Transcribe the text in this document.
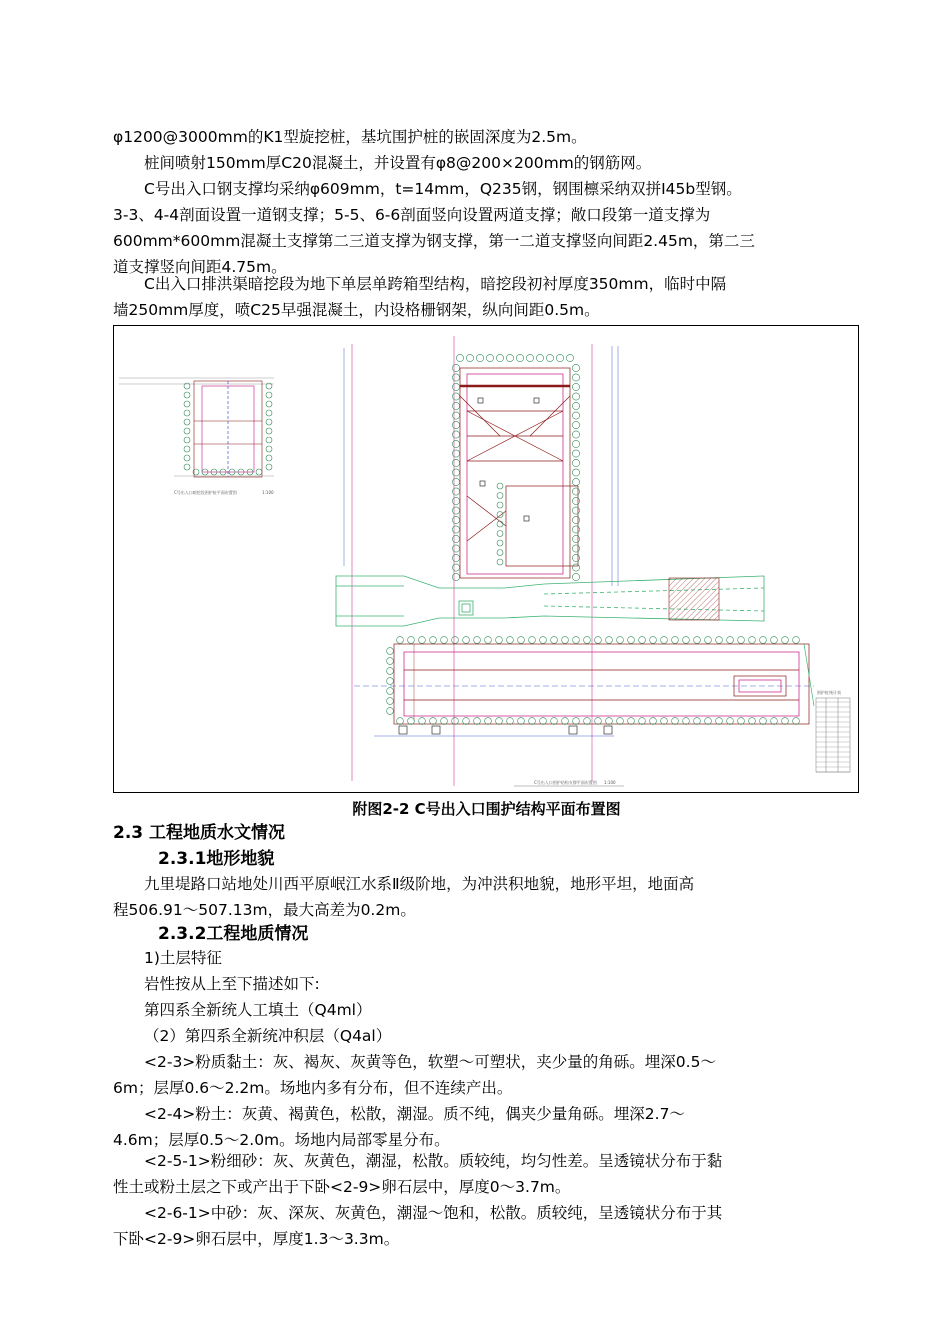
φ1200@3000mm的K1型旋挖桩，基坑围护桩的嵌固深度为2.5m。
桩间喷射150mm厚C20混凝土，并设置有φ8@200×200mm的钢筋网。
C号出入口钢支撑均采纳φ609mm，t=14mm，Q235钢，钢围檩采纳双拼I45b型钢。
3-3、4-4剖面设置一道钢支撑；5-5、6-6剖面竖向设置两道支撑；敞口段第一道支撑为
600mm*600mm混凝土支撑第二三道支撑为钢支撑，第一二道支撑竖向间距2.45m，第二三
道支撑竖向间距4.75m。
C出入口排洪渠暗挖段为地下单层单跨箱型结构，暗挖段初衬厚度350mm，临时中隔
墙250mm厚度，喷C25早强混凝土，内设格栅钢架，纵向间距0.5m。
C号出入口暗挖段围护桩平面布置图	1:100
围护桩统计表
C号出入口围护结构支撑平面布置图 1:100
附图2-2 C号出入口围护结构平面布置图
2.3 工程地质水文情况
2.3.1地形地貌
九里堤路口站地处川西平原岷江水系Ⅱ级阶地，为冲洪积地貌，地形平坦，地面高
程506.91～507.13m，最大高差为0.2m。
2.3.2工程地质情况
1)土层特征
岩性按从上至下描述如下:
第四系全新统人工填土（Q4ml）
（2）第四系全新统冲积层（Q4al）
<2-3>粉质黏土：灰、褐灰、灰黄等色，软塑～可塑状，夹少量的角砾。埋深0.5～
6m；层厚0.6～2.2m。场地内多有分布，但不连续产出。
<2-4>粉土：灰黄、褐黄色，松散，潮湿。质不纯，偶夹少量角砾。埋深2.7～
4.6m；层厚0.5～2.0m。场地内局部零星分布。
<2-5-1>粉细砂：灰、灰黄色，潮湿，松散。质较纯，均匀性差。呈透镜状分布于黏
性土或粉土层之下或产出于下卧<2-9>卵石层中，厚度0～3.7m。
<2-6-1>中砂：灰、深灰、灰黄色，潮湿～饱和，松散。质较纯，呈透镜状分布于其
下卧<2-9>卵石层中，厚度1.3～3.3m。
